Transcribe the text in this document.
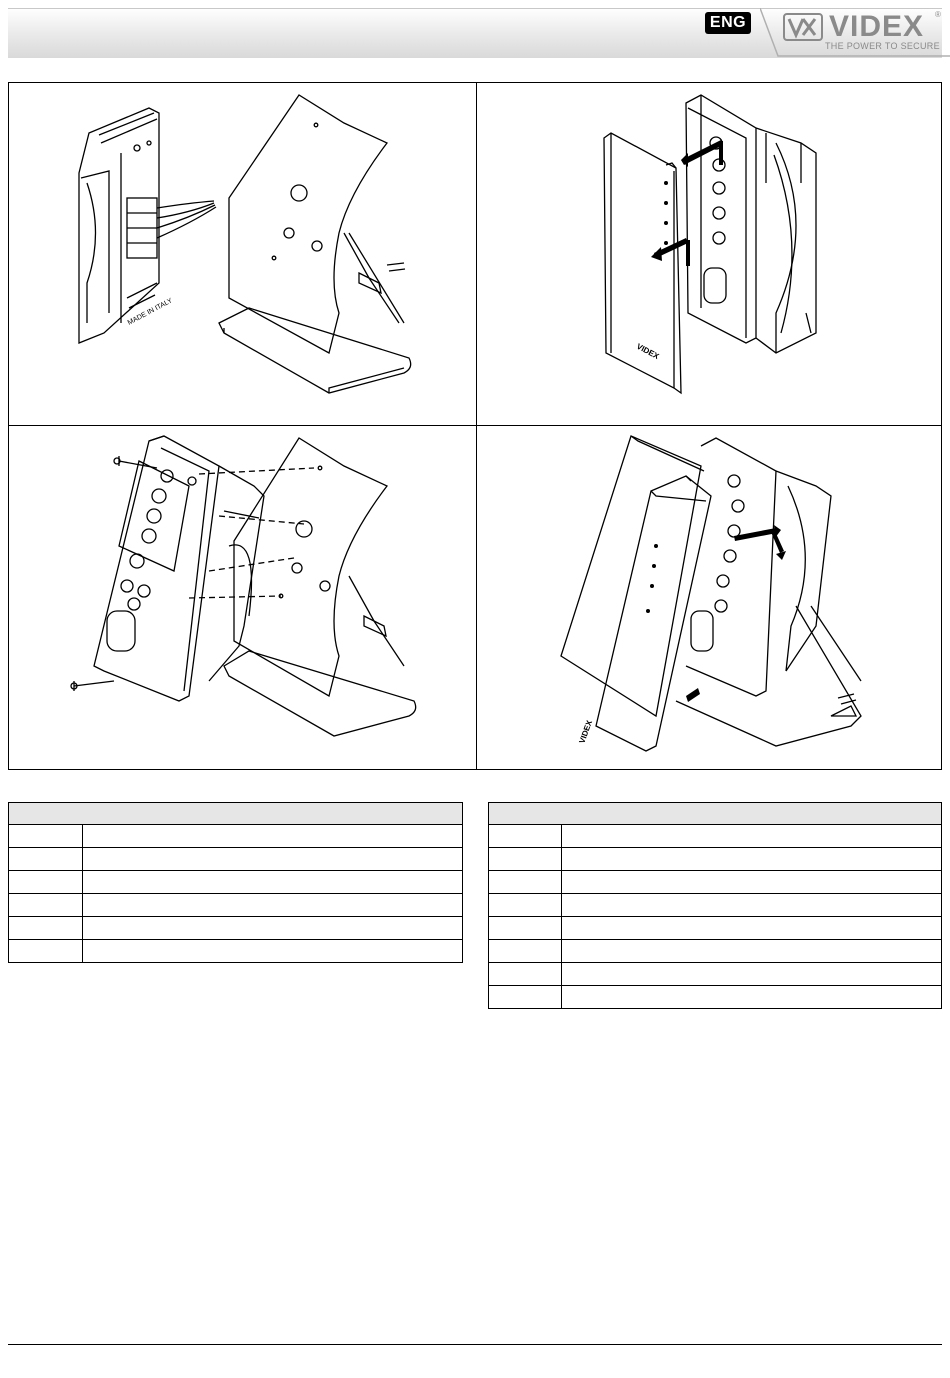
ENG	VIDEX ®
THE POWER TO SECURE
MADE IN ITALY
VIDEX
VIDEX
